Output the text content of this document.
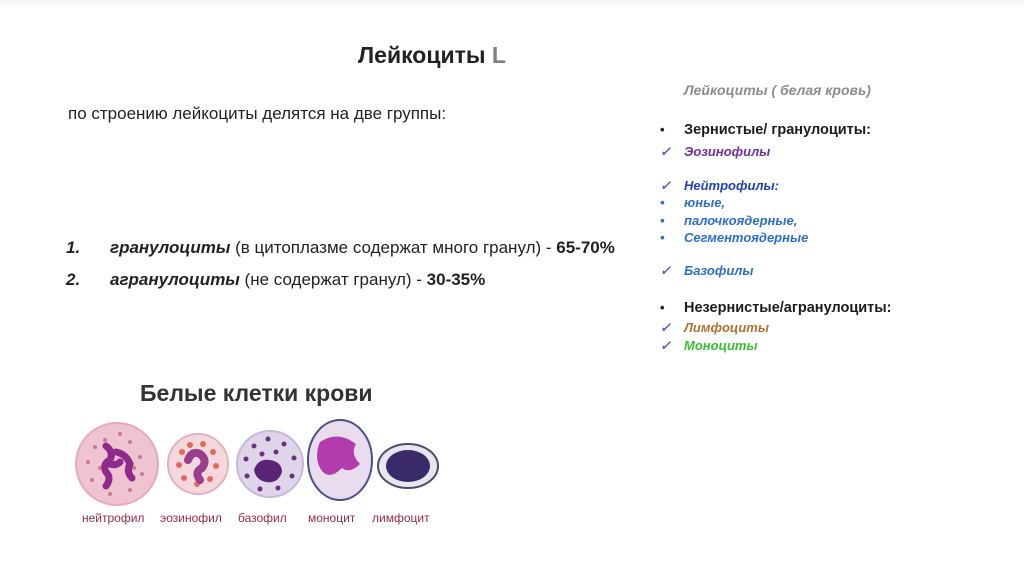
Лейкоциты L
по строению лейкоциты делятся на две группы:
1.	гранулоциты (в цитоплазме содержат много гранул) - 65-70%
2.	агранулоциты (не содержат гранул) - 30-35%
Лейкоциты ( белая кровь)
•	Зернистые/ гранулоциты:
✓	Эозинофилы
✓	Нейтрофилы:
•	юные,
•	палочкоядерные,
•	Сегментоядерные
✓	Базофилы
•	Незернистые/агранулоциты:
✓	Лимфоциты
✓	Моноциты
Белые клетки крови
нейтрофил эозинофил базофил моноцит лимфоцит
